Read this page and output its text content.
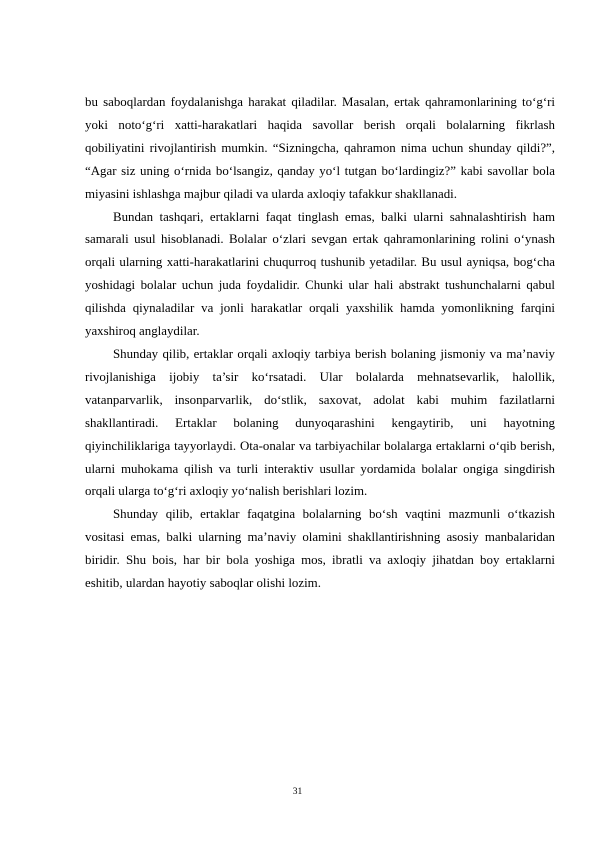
bu saboqlardan foydalanishga harakat qiladilar. Masalan, ertak qahramonlarining to‘g‘ri yoki noto‘g‘ri xatti-harakatlari haqida savollar berish orqali bolalarning fikrlash qobiliyatini rivojlantirish mumkin. “Sizningcha, qahramon nima uchun shunday qildi?”, “Agar siz uning o‘rnida bo‘lsangiz, qanday yo‘l tutgan bo‘lardingiz?” kabi savollar bola miyasini ishlashga majbur qiladi va ularda axloqiy tafakkur shakllanadi.

Bundan tashqari, ertaklarni faqat tinglash emas, balki ularni sahnalashtirish ham samarali usul hisoblanadi. Bolalar o‘zlari sevgan ertak qahramonlarining rolini o‘ynash orqali ularning xatti-harakatlarini chuqurroq tushunib yetadilar. Bu usul ayniqsa, bog‘cha yoshidagi bolalar uchun juda foydalidir. Chunki ular hali abstrakt tushunchalarni qabul qilishda qiynaladilar va jonli harakatlar orqali yaxshilik hamda yomonlikning farqini yaxshiroq anglaydilar.

Shunday qilib, ertaklar orqali axloqiy tarbiya berish bolaning jismoniy va ma’naviy rivojlanishiga ijobiy ta’sir ko‘rsatadi. Ular bolalarda mehnatsevarlik, halollik, vatanparvarlik, insonparvarlik, do‘stlik, saxovat, adolat kabi muhim fazilatlarni shakllantiradi. Ertaklar bolaning dunyoqarashini kengaytirib, uni hayotning qiyinchiliklariga tayyorlaydi. Ota-onalar va tarbiyachilar bolalarga ertaklarni o‘qib berish, ularni muhokama qilish va turli interaktiv usullar yordamida bolalar ongiga singdirish orqali ularga to‘g‘ri axloqiy yo‘nalish berishlari lozim.

Shunday qilib, ertaklar faqatgina bolalarning bo‘sh vaqtini mazmunli o‘tkazish vositasi emas, balki ularning ma’naviy olamini shakllantirishning asosiy manbalaridan biridir. Shu bois, har bir bola yoshiga mos, ibratli va axloqiy jihatdan boy ertaklarni eshitib, ulardan hayotiy saboqlar olishi lozim.

31
